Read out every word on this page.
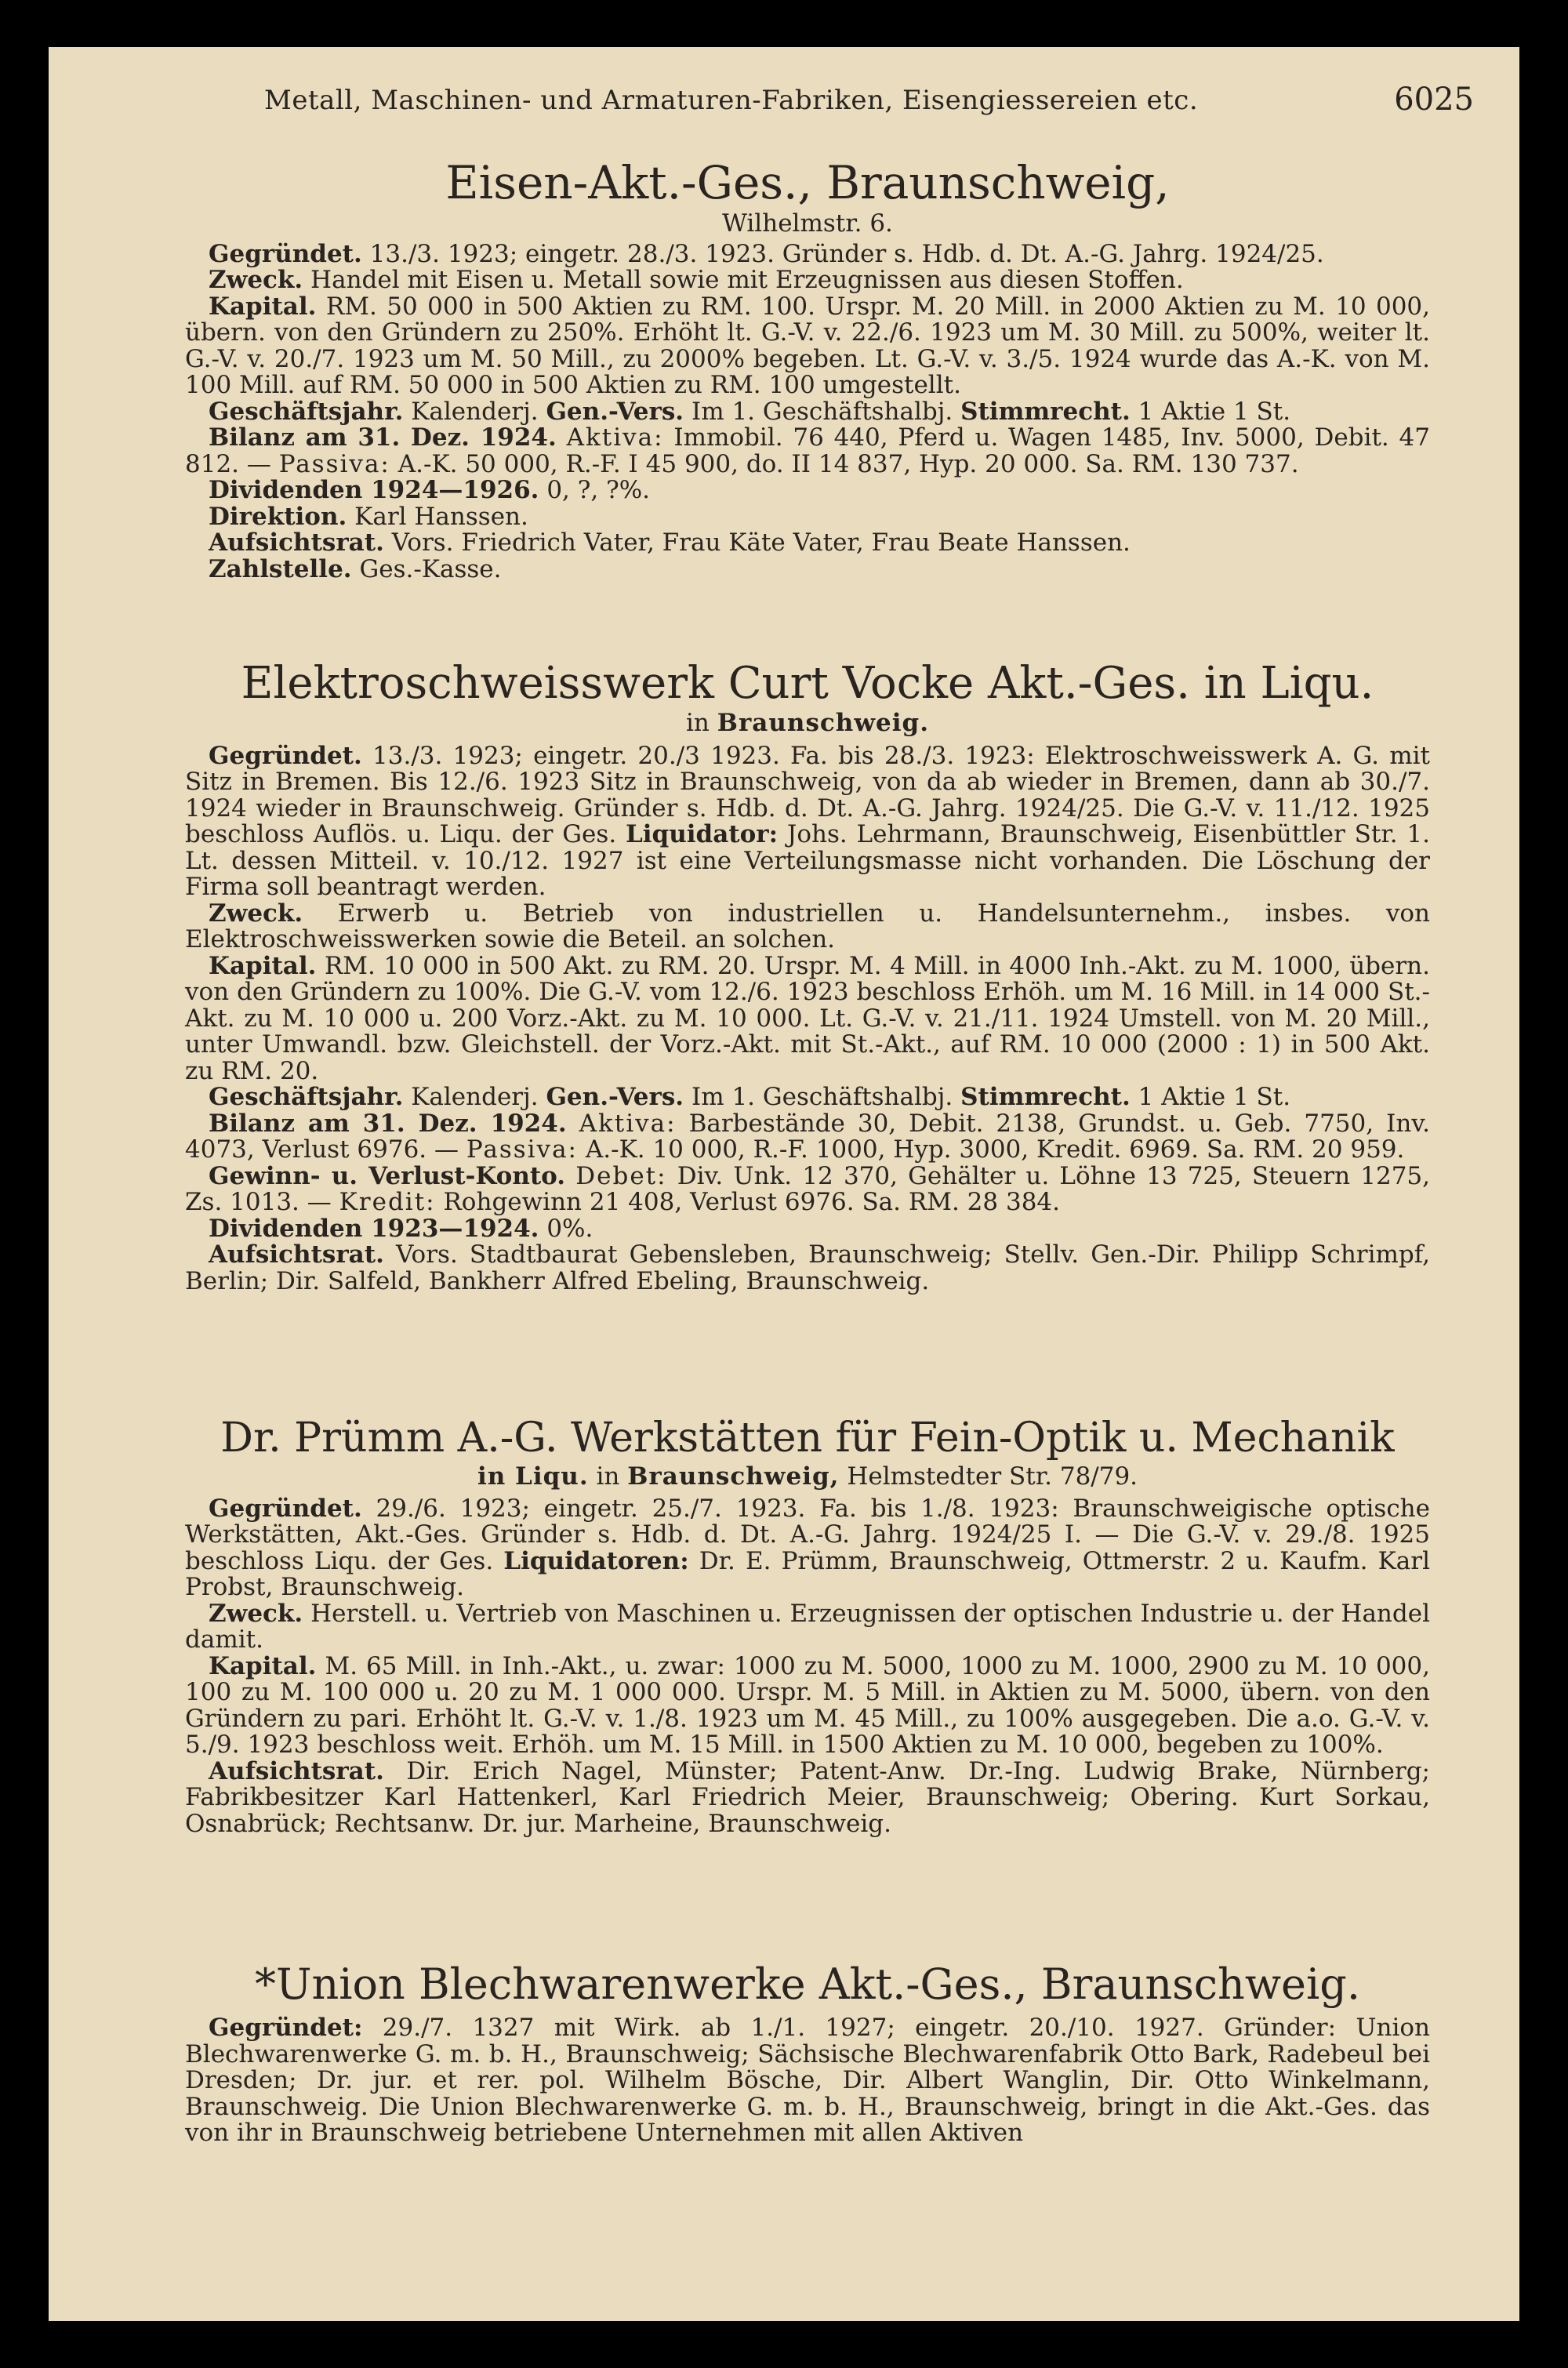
Metall, Maschinen- und Armaturen-Fabriken, Eisengiessereien etc.	6025
Eisen-Akt.-Ges., Braunschweig,
Wilhelmstr. 6.

Gegründet. 13./3. 1923; eingetr. 28./3. 1923. Gründer s. Hdb. d. Dt. A.-G. Jahrg. 1924/25.

Zweck. Handel mit Eisen u. Metall sowie mit Erzeugnissen aus diesen Stoffen.

Kapital. RM. 50 000 in 500 Aktien zu RM. 100. Urspr. M. 20 Mill. in 2000 Aktien zu M. 10 000, übern. von den Gründern zu 250%. Erhöht lt. G.-V. v. 22./6. 1923 um M. 30 Mill. zu 500%, weiter lt. G.-V. v. 20./7. 1923 um M. 50 Mill., zu 2000% begeben. Lt. G.-V. v. 3./5. 1924 wurde das A.-K. von M. 100 Mill. auf RM. 50 000 in 500 Aktien zu RM. 100 umgestellt.

Geschäftsjahr. Kalenderj. Gen.-Vers. Im 1. Geschäftshalbj. Stimmrecht. 1 Aktie 1 St.

Bilanz am 31. Dez. 1924. Aktiva: Immobil. 76 440, Pferd u. Wagen 1485, Inv. 5000, Debit. 47 812. — Passiva: A.-K. 50 000, R.-F. I 45 900, do. II 14 837, Hyp. 20 000. Sa. RM. 130 737.

Dividenden 1924—1926. 0, ?, ?%.

Direktion. Karl Hanssen.

Aufsichtsrat. Vors. Friedrich Vater, Frau Käte Vater, Frau Beate Hanssen.

Zahlstelle. Ges.-Kasse.

Elektroschweisswerk Curt Vocke Akt.-Ges. in Liqu.
in Braunschweig.

Gegründet. 13./3. 1923; eingetr. 20./3 1923. Fa. bis 28./3. 1923: Elektroschweisswerk A. G. mit Sitz in Bremen. Bis 12./6. 1923 Sitz in Braunschweig, von da ab wieder in Bremen, dann ab 30./7. 1924 wieder in Braunschweig. Gründer s. Hdb. d. Dt. A.-G. Jahrg. 1924/25. Die G.-V. v. 11./12. 1925 beschloss Auflös. u. Liqu. der Ges. Liquidator: Johs. Lehrmann, Braunschweig, Eisenbüttler Str. 1. Lt. dessen Mitteil. v. 10./12. 1927 ist eine Verteilungsmasse nicht vorhanden. Die Löschung der Firma soll beantragt werden.

Zweck. Erwerb u. Betrieb von industriellen u. Handelsunternehm., insbes. von Elektroschweisswerken sowie die Beteil. an solchen.

Kapital. RM. 10 000 in 500 Akt. zu RM. 20. Urspr. M. 4 Mill. in 4000 Inh.-Akt. zu M. 1000, übern. von den Gründern zu 100%. Die G.-V. vom 12./6. 1923 beschloss Erhöh. um M. 16 Mill. in 14 000 St.-Akt. zu M. 10 000 u. 200 Vorz.-Akt. zu M. 10 000. Lt. G.-V. v. 21./11. 1924 Umstell. von M. 20 Mill., unter Umwandl. bzw. Gleichstell. der Vorz.-Akt. mit St.-Akt., auf RM. 10 000 (2000 : 1) in 500 Akt. zu RM. 20.

Geschäftsjahr. Kalenderj. Gen.-Vers. Im 1. Geschäftshalbj. Stimmrecht. 1 Aktie 1 St.

Bilanz am 31. Dez. 1924. Aktiva: Barbestände 30, Debit. 2138, Grundst. u. Geb. 7750, Inv. 4073, Verlust 6976. — Passiva: A.-K. 10 000, R.-F. 1000, Hyp. 3000, Kredit. 6969. Sa. RM. 20 959.

Gewinn- u. Verlust-Konto. Debet: Div. Unk. 12 370, Gehälter u. Löhne 13 725, Steuern 1275, Zs. 1013. — Kredit: Rohgewinn 21 408, Verlust 6976. Sa. RM. 28 384.

Dividenden 1923—1924. 0%.

Aufsichtsrat. Vors. Stadtbaurat Gebensleben, Braunschweig; Stellv. Gen.-Dir. Philipp Schrimpf, Berlin; Dir. Salfeld, Bankherr Alfred Ebeling, Braunschweig.

Dr. Prümm A.-G. Werkstätten für Fein-Optik u. Mechanik
in Liqu. in Braunschweig, Helmstedter Str. 78/79.

Gegründet. 29./6. 1923; eingetr. 25./7. 1923. Fa. bis 1./8. 1923: Braunschweigische optische Werkstätten, Akt.-Ges. Gründer s. Hdb. d. Dt. A.-G. Jahrg. 1924/25 I. — Die G.-V. v. 29./8. 1925 beschloss Liqu. der Ges. Liquidatoren: Dr. E. Prümm, Braunschweig, Ottmerstr. 2 u. Kaufm. Karl Probst, Braunschweig.

Zweck. Herstell. u. Vertrieb von Maschinen u. Erzeugnissen der optischen Industrie u. der Handel damit.

Kapital. M. 65 Mill. in Inh.-Akt., u. zwar: 1000 zu M. 5000, 1000 zu M. 1000, 2900 zu M. 10 000, 100 zu M. 100 000 u. 20 zu M. 1 000 000. Urspr. M. 5 Mill. in Aktien zu M. 5000, übern. von den Gründern zu pari. Erhöht lt. G.-V. v. 1./8. 1923 um M. 45 Mill., zu 100% ausgegeben. Die a.o. G.-V. v. 5./9. 1923 beschloss weit. Erhöh. um M. 15 Mill. in 1500 Aktien zu M. 10 000, begeben zu 100%.

Aufsichtsrat. Dir. Erich Nagel, Münster; Patent-Anw. Dr.-Ing. Ludwig Brake, Nürnberg; Fabrikbesitzer Karl Hattenkerl, Karl Friedrich Meier, Braunschweig; Obering. Kurt Sorkau, Osnabrück; Rechtsanw. Dr. jur. Marheine, Braunschweig.

*Union Blechwarenwerke Akt.-Ges., Braunschweig.

Gegründet: 29./7. 1327 mit Wirk. ab 1./1. 1927; eingetr. 20./10. 1927. Gründer: Union Blechwarenwerke G. m. b. H., Braunschweig; Sächsische Blechwarenfabrik Otto Bark, Radebeul bei Dresden; Dr. jur. et rer. pol. Wilhelm Bösche, Dir. Albert Wanglin, Dir. Otto Winkelmann, Braunschweig. Die Union Blechwarenwerke G. m. b. H., Braunschweig, bringt in die Akt.-Ges. das von ihr in Braunschweig betriebene Unternehmen mit allen Aktiven
